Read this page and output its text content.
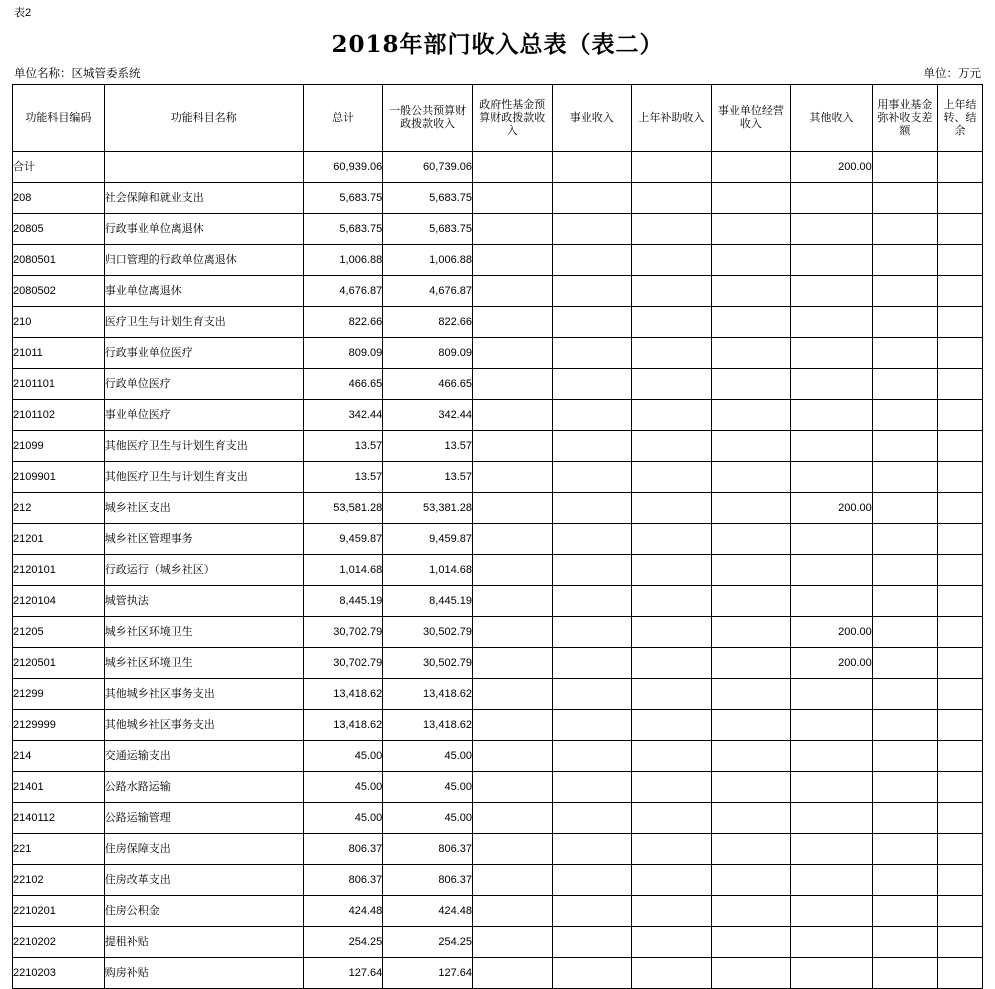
表2
2018年部门收入总表（表二）
单位名称：区城管委系统	单位：万元
功能科目编码	功能科目名称	总计	一般公共预算财政拨款收入	政府性基金预算财政拨款收入	事业收入	上年补助收入	事业单位经营收入	其他收入	用事业基金弥补收支差额	上年结转、结余
合计		60,939.06	60,739.06					200.00		
208	社会保障和就业支出	5,683.75	5,683.75							
20805	行政事业单位离退休	5,683.75	5,683.75							
2080501	归口管理的行政单位离退休	1,006.88	1,006.88							
2080502	事业单位离退休	4,676.87	4,676.87							
210	医疗卫生与计划生育支出	822.66	822.66							
21011	行政事业单位医疗	809.09	809.09							
2101101	行政单位医疗	466.65	466.65							
2101102	事业单位医疗	342.44	342.44							
21099	其他医疗卫生与计划生育支出	13.57	13.57							
2109901	其他医疗卫生与计划生育支出	13.57	13.57							
212	城乡社区支出	53,581.28	53,381.28					200.00		
21201	城乡社区管理事务	9,459.87	9,459.87							
2120101	行政运行（城乡社区）	1,014.68	1,014.68							
2120104	城管执法	8,445.19	8,445.19							
21205	城乡社区环境卫生	30,702.79	30,502.79					200.00		
2120501	城乡社区环境卫生	30,702.79	30,502.79					200.00		
21299	其他城乡社区事务支出	13,418.62	13,418.62							
2129999	其他城乡社区事务支出	13,418.62	13,418.62							
214	交通运输支出	45.00	45.00							
21401	公路水路运输	45.00	45.00							
2140112	公路运输管理	45.00	45.00							
221	住房保障支出	806.37	806.37							
22102	住房改革支出	806.37	806.37							
2210201	住房公积金	424.48	424.48							
2210202	提租补贴	254.25	254.25							
2210203	购房补贴	127.64	127.64							
